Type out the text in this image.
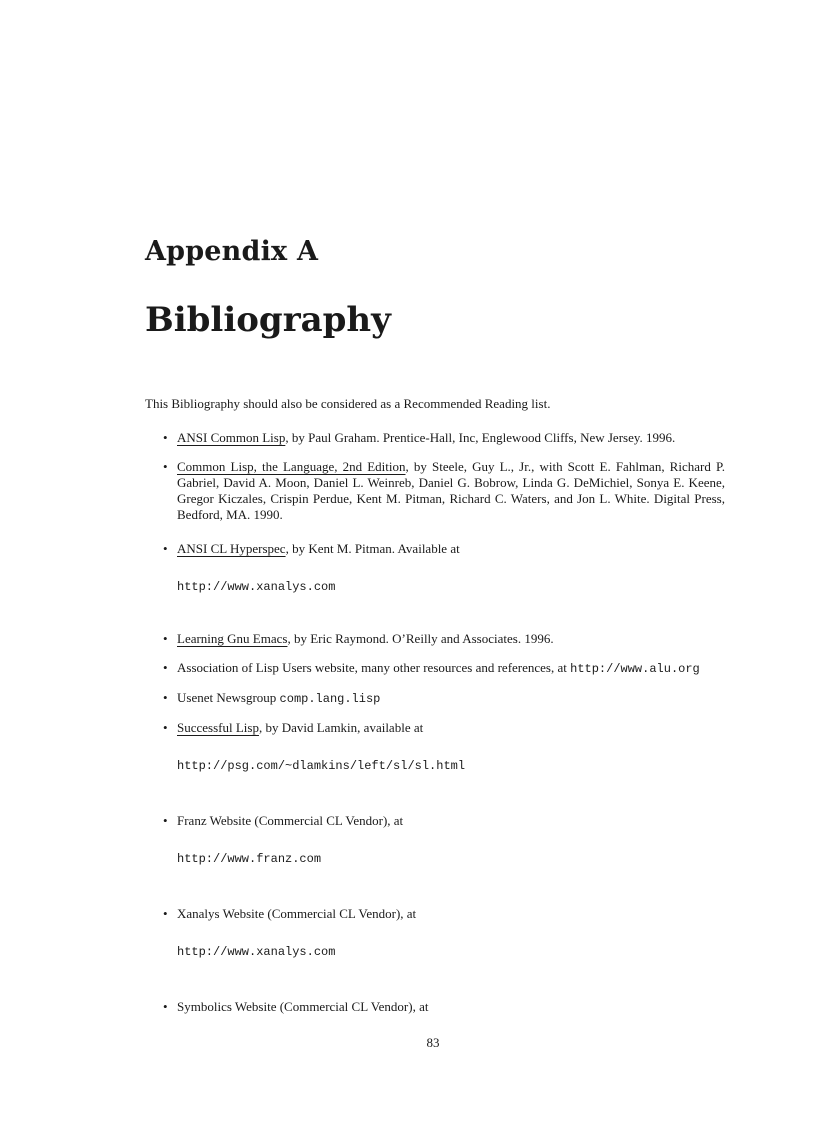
Appendix A
Bibliography

This Bibliography should also be considered as a Recommended Reading list.

• ANSI Common Lisp, by Paul Graham. Prentice-Hall, Inc, Englewood Cliffs, New Jersey. 1996.
• Common Lisp, the Language, 2nd Edition, by Steele, Guy L., Jr., with Scott E. Fahlman, Richard P. Gabriel, David A. Moon, Daniel L. Weinreb, Daniel G. Bobrow, Linda G. DeMichiel, Sonya E. Keene, Gregor Kiczales, Crispin Perdue, Kent M. Pitman, Richard C. Waters, and Jon L. White. Digital Press, Bedford, MA. 1990.
• ANSI CL Hyperspec, by Kent M. Pitman. Available at
http://www.xanalys.com
• Learning Gnu Emacs, by Eric Raymond. O’Reilly and Associates. 1996.
• Association of Lisp Users website, many other resources and references, at http://www.alu.org
• Usenet Newsgroup comp.lang.lisp
• Successful Lisp, by David Lamkin, available at
http://psg.com/~dlamkins/left/sl/sl.html
• Franz Website (Commercial CL Vendor), at
http://www.franz.com
• Xanalys Website (Commercial CL Vendor), at
http://www.xanalys.com
• Symbolics Website (Commercial CL Vendor), at

83
